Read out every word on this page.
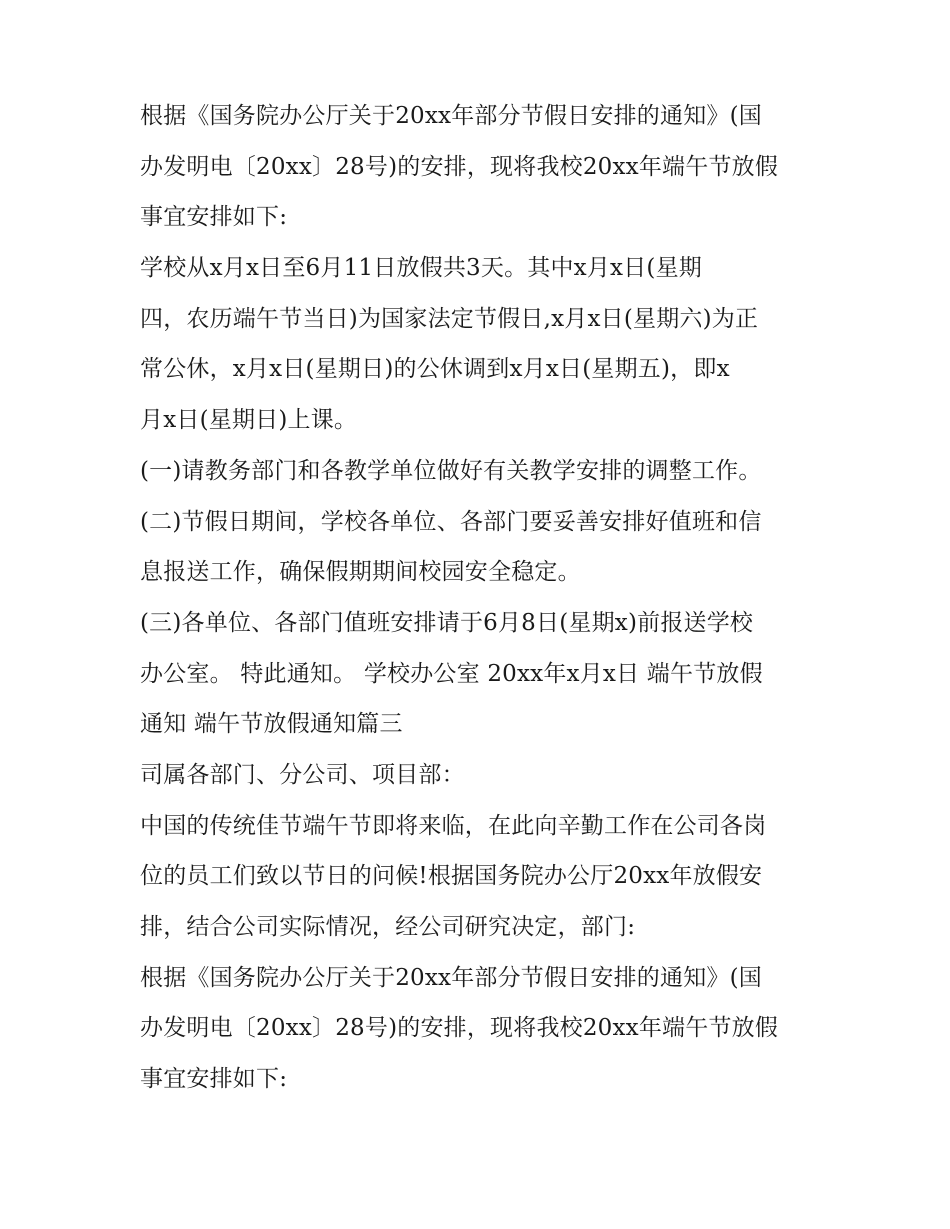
根据《国务院办公厅关于20xx年部分节假日安排的通知》(国
办发明电〔20xx〕28号)的安排，现将我校20xx年端午节放假
事宜安排如下:
学校从x月x日至6月11日放假共3天。其中x月x日(星期
四，农历端午节当日)为国家法定节假日,x月x日(星期六)为正
常公休，x月x日(星期日)的公休调到x月x日(星期五)，即x
月x日(星期日)上课。
(一)请教务部门和各教学单位做好有关教学安排的调整工作。
(二)节假日期间，学校各单位、各部门要妥善安排好值班和信
息报送工作，确保假期期间校园安全稳定。
(三)各单位、各部门值班安排请于6月8日(星期x)前报送学校
办公室。 特此通知。 学校办公室 20xx年x月x日 端午节放假
通知 端午节放假通知篇三
司属各部门、分公司、项目部：
中国的传统佳节端午节即将来临，在此向辛勤工作在公司各岗
位的员工们致以节日的问候!根据国务院办公厅20xx年放假安
排，结合公司实际情况，经公司研究决定，部门:
根据《国务院办公厅关于20xx年部分节假日安排的通知》(国
办发明电〔20xx〕28号)的安排，现将我校20xx年端午节放假
事宜安排如下:
